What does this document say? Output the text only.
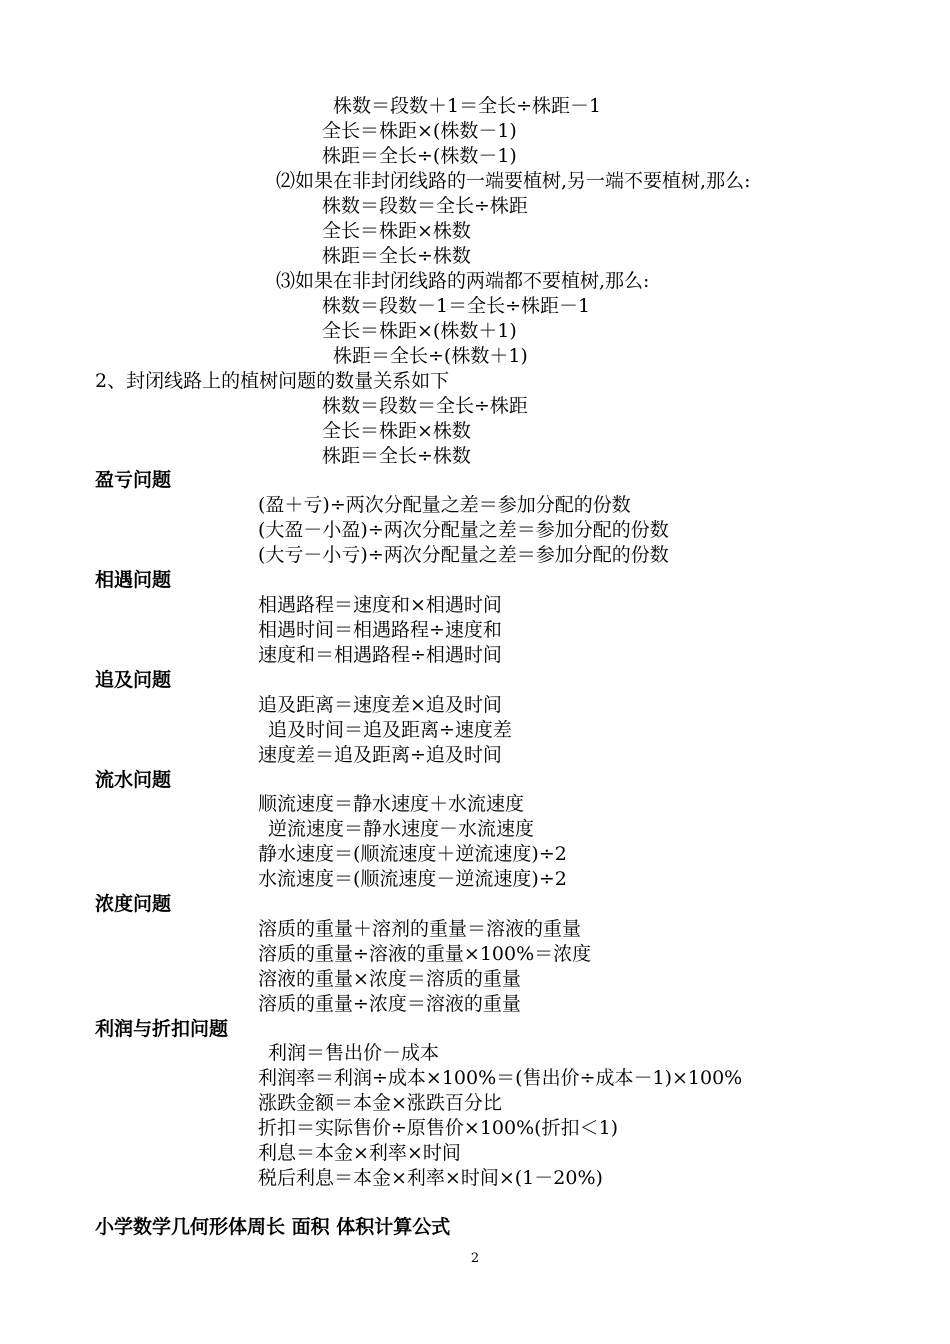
株数＝段数＋1＝全长÷株距－1
全长＝株距×(株数－1)
株距＝全长÷(株数－1)
⑵如果在非封闭线路的一端要植树,另一端不要植树,那么:
株数＝段数＝全长÷株距
全长＝株距×株数
株距＝全长÷株数
⑶如果在非封闭线路的两端都不要植树,那么:
株数＝段数－1＝全长÷株距－1
全长＝株距×(株数＋1)
株距＝全长÷(株数＋1)
2、封闭线路上的植树问题的数量关系如下
株数＝段数＝全长÷株距
全长＝株距×株数
株距＝全长÷株数
盈亏问题
(盈＋亏)÷两次分配量之差＝参加分配的份数
(大盈－小盈)÷两次分配量之差＝参加分配的份数
(大亏－小亏)÷两次分配量之差＝参加分配的份数
相遇问题
相遇路程＝速度和×相遇时间
相遇时间＝相遇路程÷速度和
速度和＝相遇路程÷相遇时间
追及问题
追及距离＝速度差×追及时间
追及时间＝追及距离÷速度差
速度差＝追及距离÷追及时间
流水问题
顺流速度＝静水速度＋水流速度
逆流速度＝静水速度－水流速度
静水速度＝(顺流速度＋逆流速度)÷2
水流速度＝(顺流速度－逆流速度)÷2
浓度问题
溶质的重量＋溶剂的重量＝溶液的重量
溶质的重量÷溶液的重量×100%＝浓度
溶液的重量×浓度＝溶质的重量
溶质的重量÷浓度＝溶液的重量
利润与折扣问题
利润＝售出价－成本
利润率＝利润÷成本×100%＝(售出价÷成本－1)×100%
涨跌金额＝本金×涨跌百分比
折扣＝实际售价÷原售价×100%(折扣＜1)
利息＝本金×利率×时间
税后利息＝本金×利率×时间×(1－20%)
小学数学几何形体周长 面积 体积计算公式
2
